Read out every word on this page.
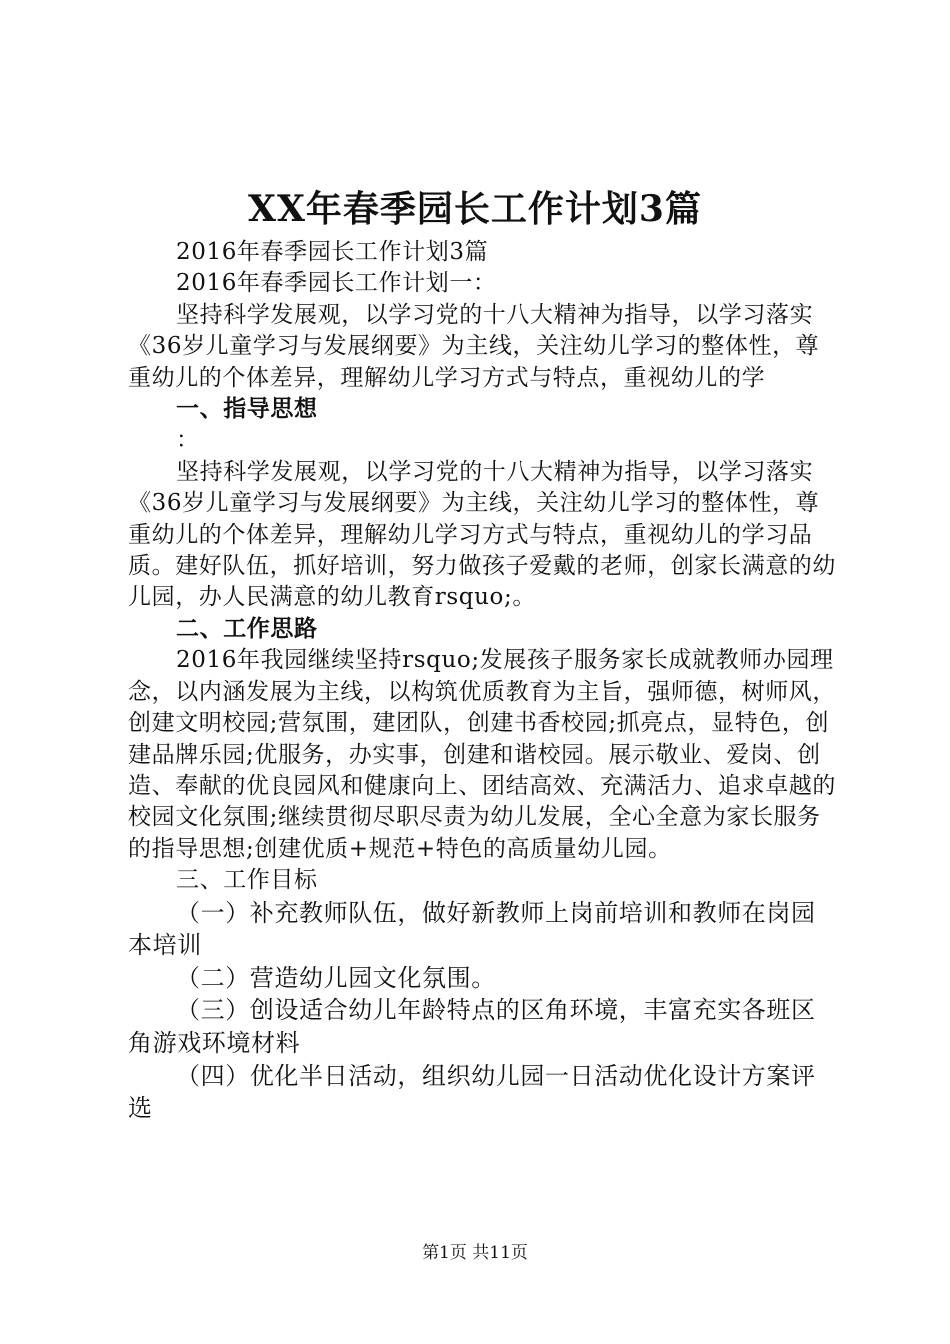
XX年春季园长工作计划3篇

2016年春季园长工作计划3篇

2016年春季园长工作计划一：

坚持科学发展观，以学习党的十八大精神为指导，以学习落实《36岁儿童学习与发展纲要》为主线，关注幼儿学习的整体性，尊重幼儿的个体差异，理解幼儿学习方式与特点，重视幼儿的学

一、指导思想

：

坚持科学发展观，以学习党的十八大精神为指导，以学习落实《36岁儿童学习与发展纲要》为主线，关注幼儿学习的整体性，尊重幼儿的个体差异，理解幼儿学习方式与特点，重视幼儿的学习品质。建好队伍，抓好培训，努力做孩子爱戴的老师，创家长满意的幼儿园，办人民满意的幼儿教育rsquo;。

二、工作思路

2016年我园继续坚持rsquo;发展孩子服务家长成就教师办园理念，以内涵发展为主线，以构筑优质教育为主旨，强师德，树师风，创建文明校园;营氛围，建团队，创建书香校园;抓亮点，显特色，创建品牌乐园;优服务，办实事，创建和谐校园。展示敬业、爱岗、创造、奉献的优良园风和健康向上、团结高效、充满活力、追求卓越的校园文化氛围;继续贯彻尽职尽责为幼儿发展，全心全意为家长服务的指导思想;创建优质+规范+特色的高质量幼儿园。

三、工作目标

（一）补充教师队伍，做好新教师上岗前培训和教师在岗园本培训

（二）营造幼儿园文化氛围。

（三）创设适合幼儿年龄特点的区角环境，丰富充实各班区角游戏环境材料

（四）优化半日活动，组织幼儿园一日活动优化设计方案评选

第1页 共11页
